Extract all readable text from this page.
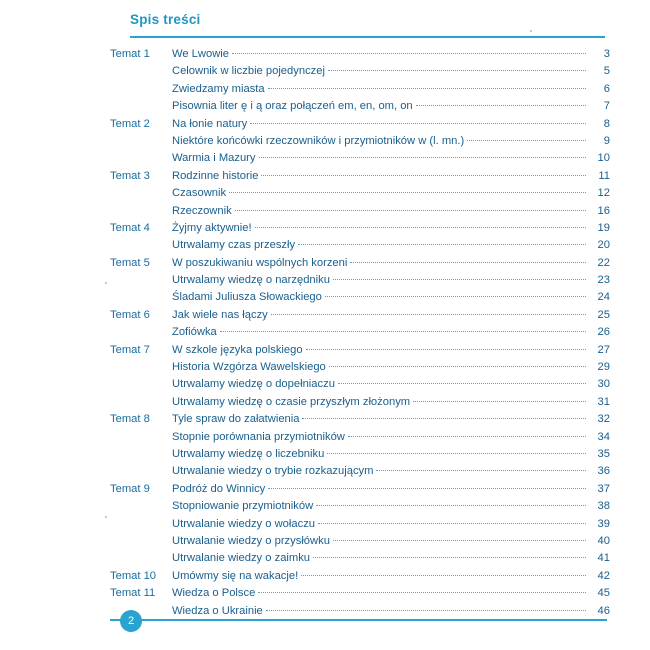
Spis treści
Temat 1	We Lwowie	3
Celownik w liczbie pojedynczej	5
Zwiedzamy miasta	6
Pisownia liter ę i ą oraz połączeń em, en, om, on	7
Temat 2	Na łonie natury	8
Niektóre końcówki rzeczowników i przymiotników w (l. mn.)	9
Warmia i Mazury	10
Temat 3	Rodzinne historie	11
Czasownik	12
Rzeczownik	16
Temat 4	Żyjmy aktywnie!	19
Utrwalamy czas przeszły	20
Temat 5	W poszukiwaniu wspólnych korzeni	22
Utrwalamy wiedzę o narzędniku	23
Śladami Juliusza Słowackiego	24
Temat 6	Jak wiele nas łączy	25
Zofiówka	26
Temat 7	W szkole języka polskiego	27
Historia Wzgórza Wawelskiego	29
Utrwalamy wiedzę o dopełniaczu	30
Utrwalamy wiedzę o czasie przyszłym złożonym	31
Temat 8	Tyle spraw do załatwienia	32
Stopnie porównania przymiotników	34
Utrwalamy wiedzę o liczebniku	35
Utrwalanie wiedzy o trybie rozkazującym	36
Temat 9	Podróż do Winnicy	37
Stopniowanie przymiotników	38
Utrwalanie wiedzy o wołaczu	39
Utrwalanie wiedzy o przysłówku	40
Utrwalanie wiedzy o zaimku	41
Temat 10	Umówmy się na wakacje!	42
Temat 11	Wiedza o Polsce	45
Wiedza o Ukrainie	46
2
